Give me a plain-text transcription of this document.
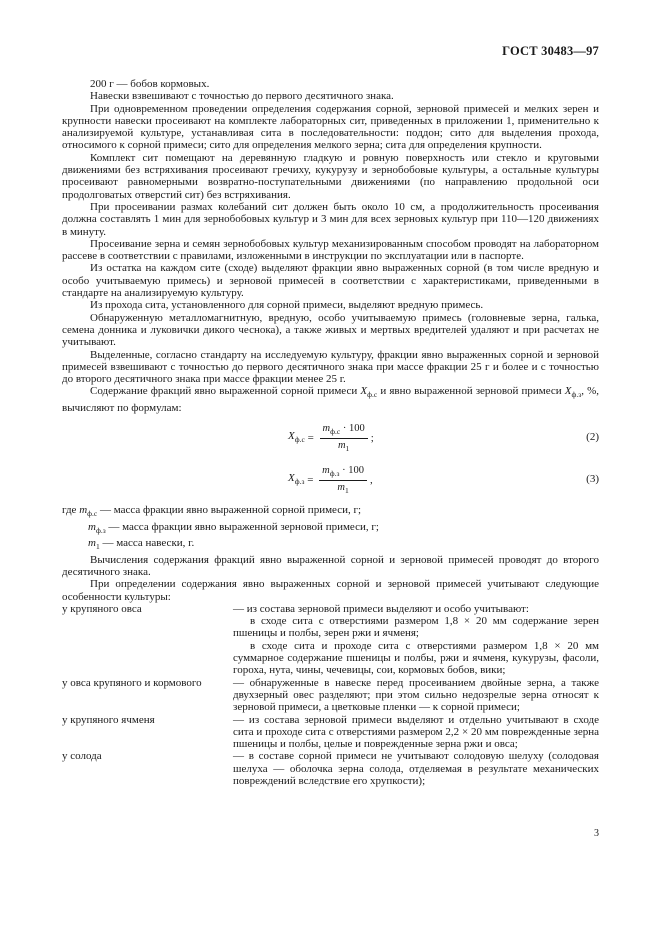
ГОСТ 30483—97

200 г — бобов кормовых.

Навески взвешивают с точностью до первого десятичного знака.

При одновременном проведении определения содержания сорной, зерновой примесей и мелких зерен и крупности навески просеивают на комплекте лабораторных сит, приведенных в приложении 1, применительно к анализируемой культуре, устанавливая сита в последовательности: поддон; сито для выделения прохода, относимого к сорной примеси; сито для определения мелкого зерна; сита для определения крупности.

Комплект сит помещают на деревянную гладкую и ровную поверхность или стекло и круговыми движениями без встряхивания просеивают гречиху, кукурузу и зернобобовые культуры, а остальные культуры просеивают равномерными возвратно-поступательными движениями (по направлению продольной оси продолговатых отверстий сит) без встряхивания.

При просеивании размах колебаний сит должен быть около 10 см, а продолжительность просеивания должна составлять 1 мин для зернобобовых культур и 3 мин для всех зерновых культур при 110—120 движениях в минуту.

Просеивание зерна и семян зернобобовых культур механизированным способом проводят на лабораторном рассеве в соответствии с правилами, изложенными в инструкции по эксплуатации или в паспорте.

Из остатка на каждом сите (сходе) выделяют фракции явно выраженных сорной (в том числе вредную и особо учитываемую примесь) и зерновой примесей в соответствии с характеристиками, приведенными в стандарте на анализируемую культуру.

Из прохода сита, установленного для сорной примеси, выделяют вредную примесь.

Обнаруженную металломагнитную, вредную, особо учитываемую примесь (головневые зерна, галька, семена донника и луковички дикого чеснока), а также живых и мертвых вредителей удаляют и при расчетах не учитывают.

Выделенные, согласно стандарту на исследуемую культуру, фракции явно выраженных сорной и зерновой примесей взвешивают с точностью до первого десятичного знака при массе фракции 25 г и более и с точностью до второго десятичного знака при массе фракции менее 25 г.

Содержание фракций явно выраженной сорной примеси $X_{ф.с}$ и явно выраженной зерновой примеси $X_{ф.з}$, %, вычисляют по формулам:

$X_{ф.с} = \frac{m_{ф.с} \cdot 100}{m_1}$ ;	(2)
$X_{ф.з} = \frac{m_{ф.з} \cdot 100}{m_1}$ ,	(3)
где $m_{ф.с}$ — масса фракции явно выраженной сорной примеси, г;
$m_{ф.з}$ — масса фракции явно выраженной зерновой примеси, г;
$m_1$ — масса навески, г.

Вычисления содержания фракций явно выраженной сорной и зерновой примесей проводят до второго десятичного знака.

При определении содержания явно выраженных сорной и зерновой примесей учитывают следующие особенности культуры:

у крупяного овса	— из состава зерновой примеси выделяют и особо учитывают:

в сходе сита с отверстиями размером 1,8 × 20 мм содержание зерен пшеницы и полбы, зерен ржи и ячменя;

в сходе сита и проходе сита с отверстиями размером 1,8 × 20 мм суммарное содержание пшеницы и полбы, ржи и ячменя, кукурузы, фасоли, гороха, нута, чины, чечевицы, сои, кормовых бобов, вики;

у овса крупяного и кормового	— обнаруженные в навеске перед просеиванием двойные зерна, а также двухзерный овес разделяют; при этом сильно недозрелые зерна относят к зерновой примеси, а цветковые пленки — к сорной примеси;

у крупяного ячменя	— из состава зерновой примеси выделяют и отдельно учитывают в сходе сита и проходе сита с отверстиями размером 2,2 × 20 мм поврежденные зерна пшеницы и полбы, целые и поврежденные зерна ржи и овса;

у солода	— в составе сорной примеси не учитывают солодовую шелуху (солодовая шелуха — оболочка зерна солода, отделяемая в результате механических повреждений вследствие его хрупкости);

3
